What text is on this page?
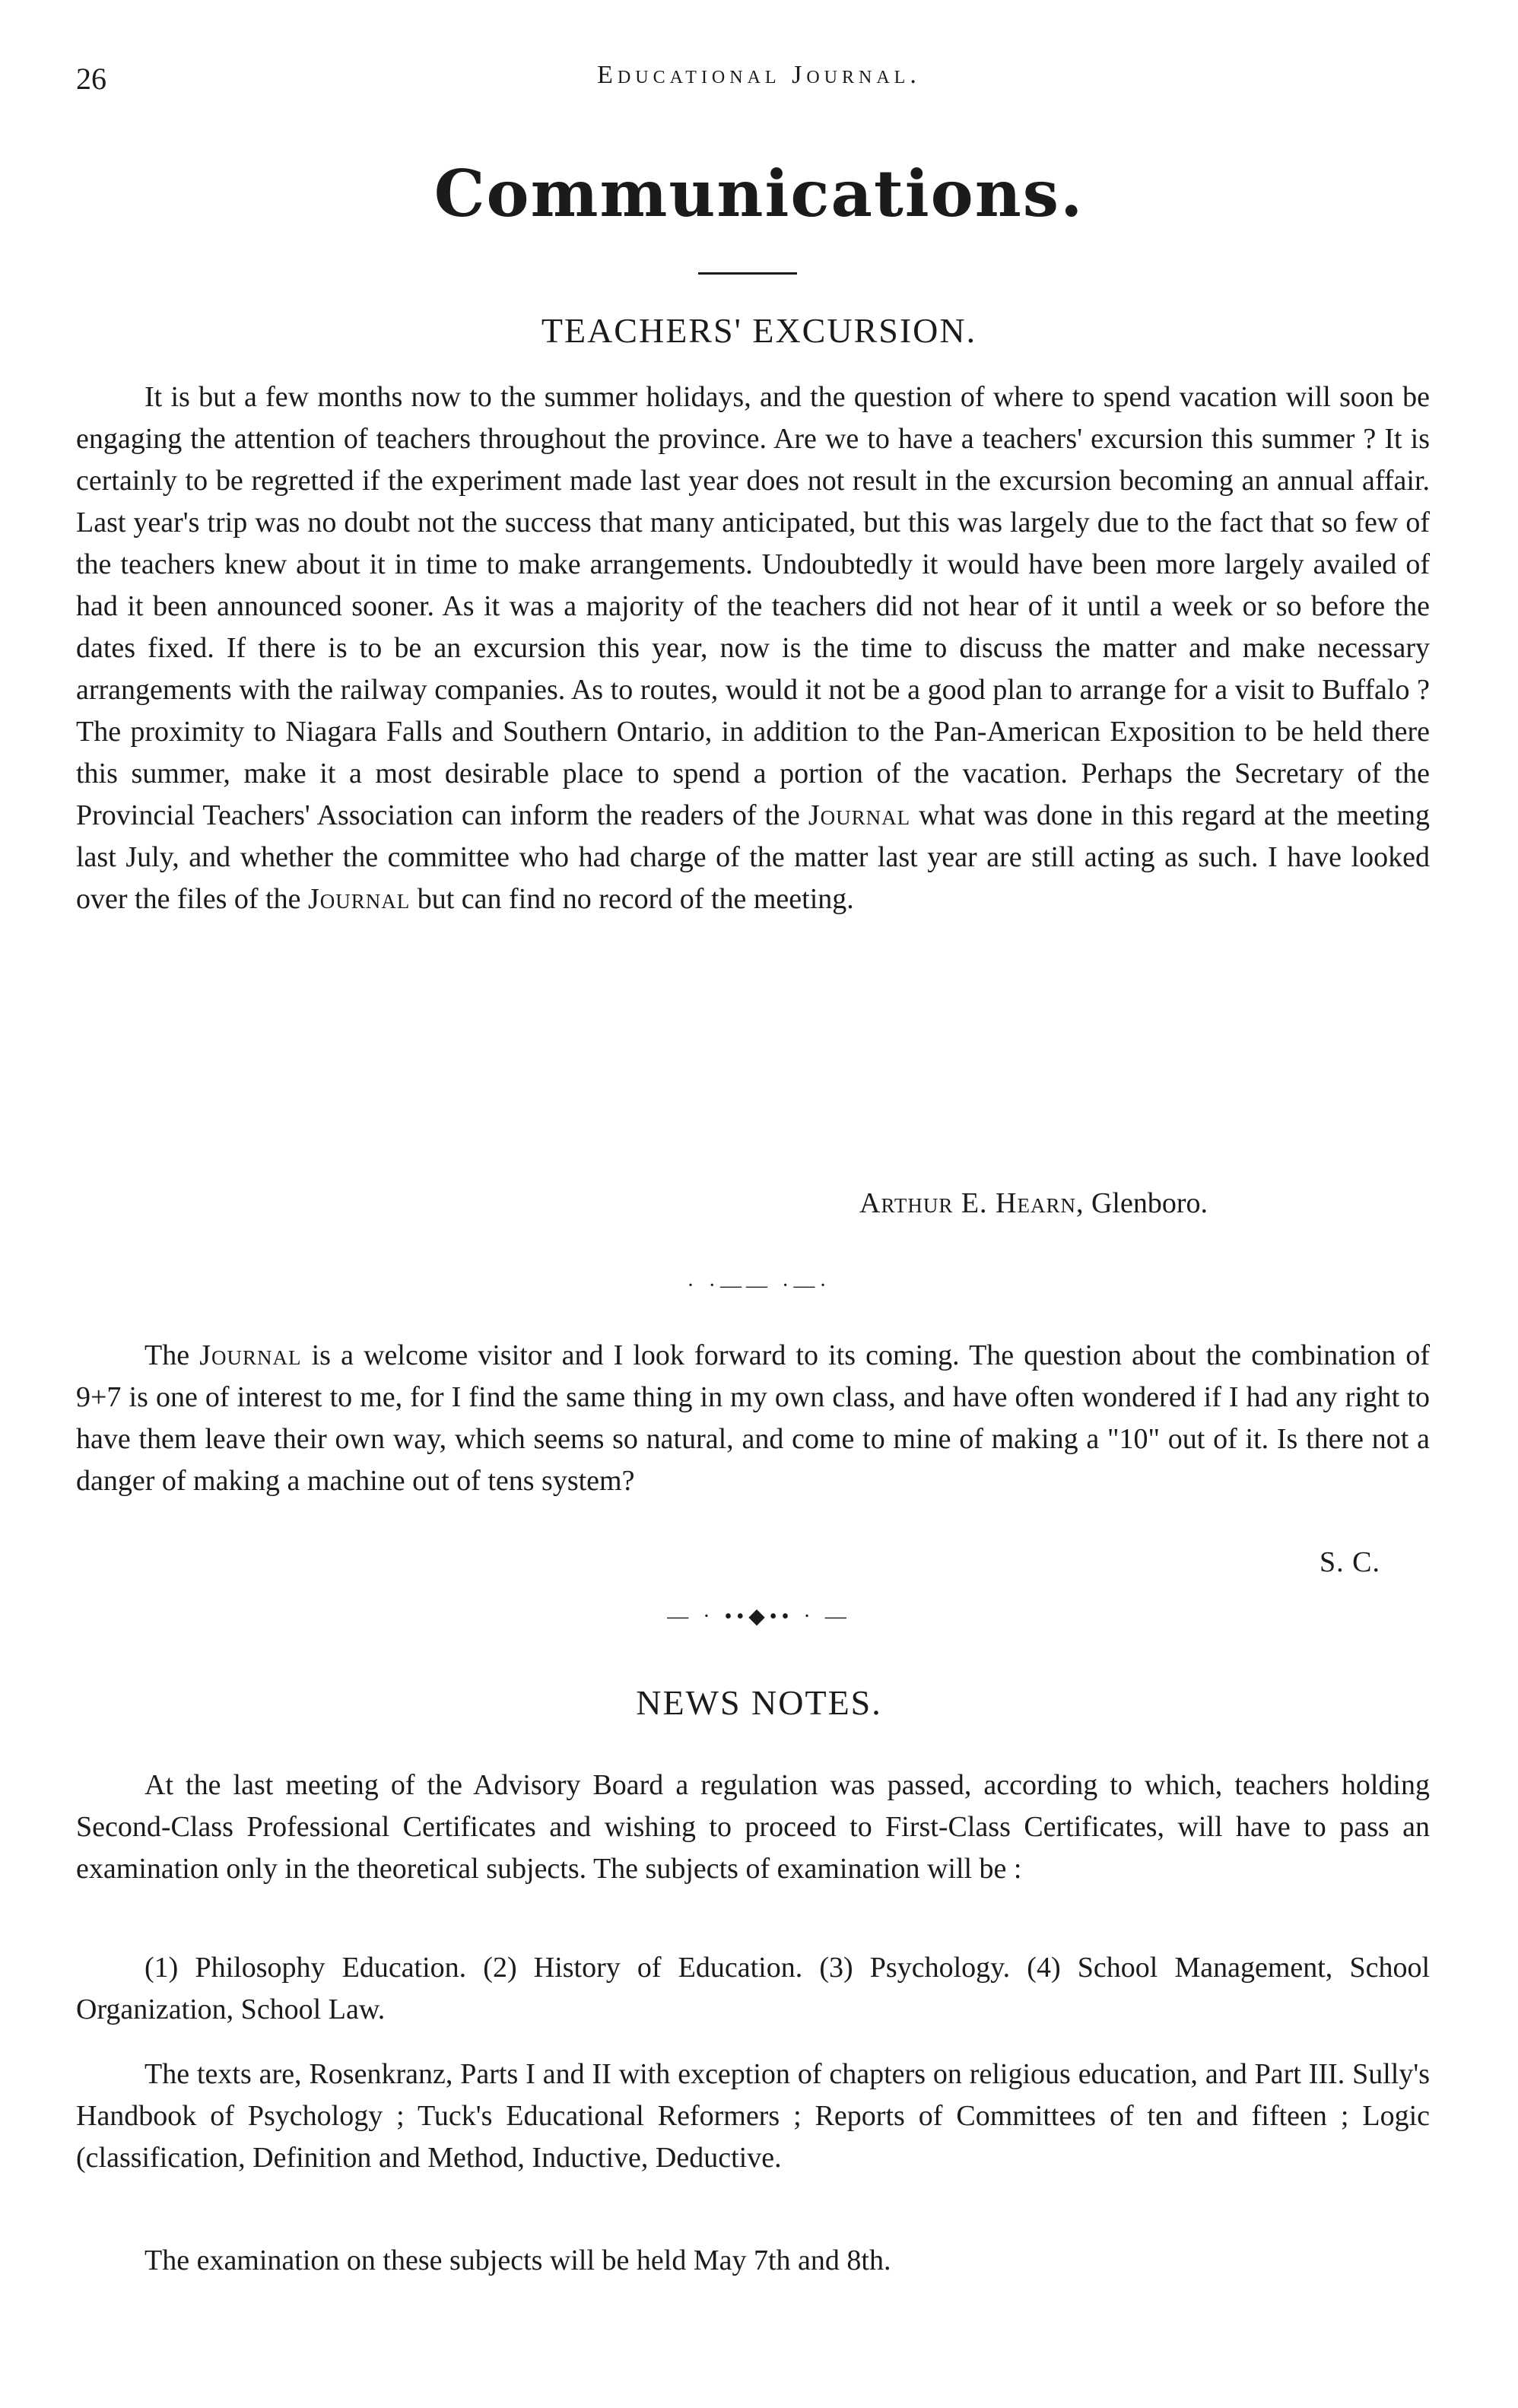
26	Educational Journal.
Communications.
TEACHERS' EXCURSION.

It is but a few months now to the summer holidays, and the question of where to spend vacation will soon be engaging the attention of teachers throughout the province. Are we to have a teachers' excursion this summer ? It is certainly to be regretted if the experiment made last year does not result in the excursion becoming an annual affair. Last year's trip was no doubt not the success that many anticipated, but this was largely due to the fact that so few of the teachers knew about it in time to make arrangements. Undoubtedly it would have been more largely availed of had it been announced sooner. As it was a majority of the teachers did not hear of it until a week or so before the dates fixed. If there is to be an excursion this year, now is the time to discuss the matter and make necessary arrangements with the railway companies. As to routes, would it not be a good plan to arrange for a visit to Buffalo ? The proximity to Niagara Falls and Southern Ontario, in addition to the Pan-American Exposition to be held there this summer, make it a most desirable place to spend a portion of the vacation. Perhaps the Secretary of the Provincial Teachers' Association can inform the readers of the Journal what was done in this regard at the meeting last July, and whether the committee who had charge of the matter last year are still acting as such. I have looked over the files of the Journal but can find no record of the meeting.

Arthur E. Hearn, Glenboro.
· ·—— ·—·

The Journal is a welcome visitor and I look forward to its coming. The question about the combination of 9+7 is one of interest to me, for I find the same thing in my own class, and have often wondered if I had any right to have them leave their own way, which seems so natural, and come to mine of making a "10" out of it. Is there not a danger of making a machine out of tens system?

S. C.
— · ••◆•• · —
NEWS NOTES.

At the last meeting of the Advisory Board a regulation was passed, according to which, teachers holding Second-Class Professional Certificates and wishing to proceed to First-Class Certificates, will have to pass an examination only in the theoretical subjects. The subjects of examination will be :

(1) Philosophy Education. (2) History of Education. (3) Psychology. (4) School Management, School Organization, School Law.

The texts are, Rosenkranz, Parts I and II with exception of chapters on religious education, and Part III. Sully's Handbook of Psychology ; Tuck's Educational Reformers ; Reports of Committees of ten and fifteen ; Logic (classification, Definition and Method, Inductive, Deductive.

The examination on these subjects will be held May 7th and 8th.
